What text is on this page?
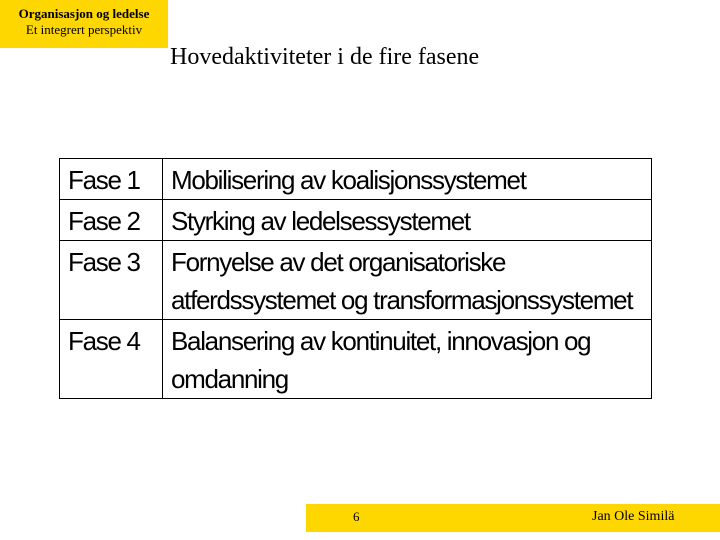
Organisasjon og ledelse
Et integrert perspektiv
Hovedaktiviteter i de fire fasene
Fase 1	Mobilisering av koalisjonssystemet
Fase 2	Styrking av ledelsessystemet
Fase 3	Fornyelse av det organisatoriske atferdssystemet og transformasjonssystemet
Fase 4	Balansering av kontinuitet, innovasjon og omdanning
6	Jan Ole Similä
